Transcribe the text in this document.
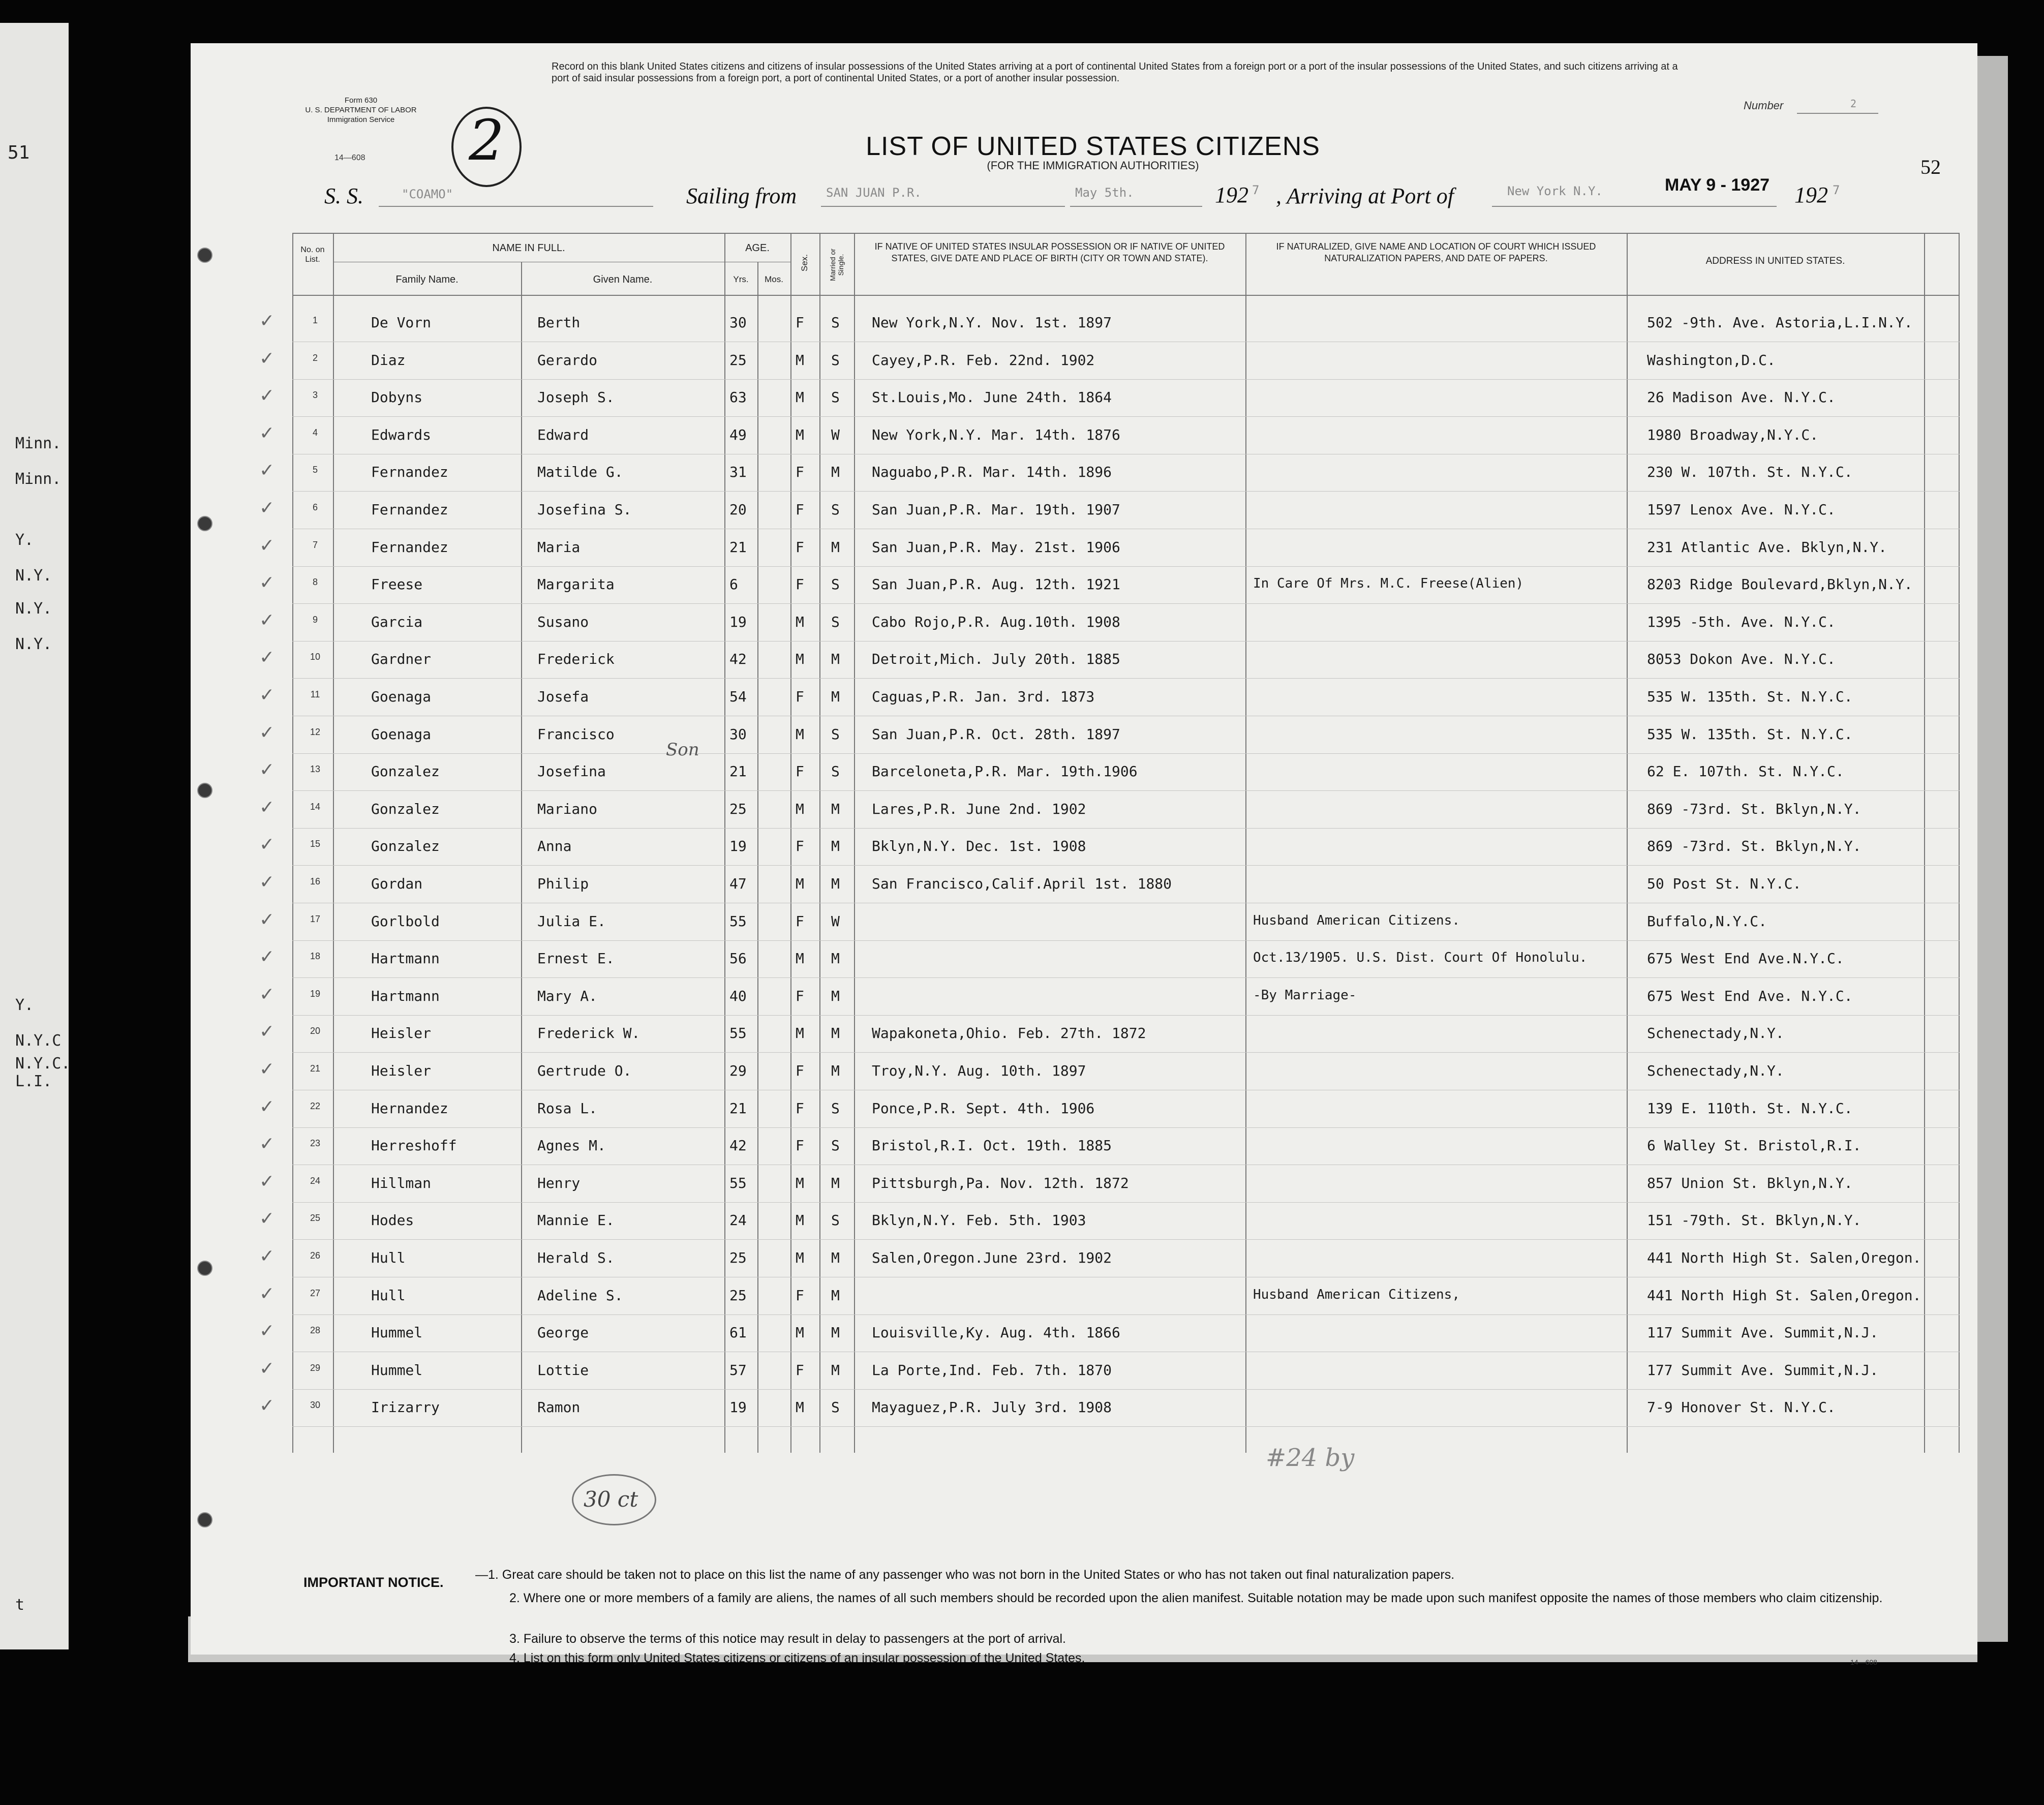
51
Minn.
Minn.
Y.
N.Y.
N.Y.
N.Y.
Y.
N.Y.C
N.Y.C.
L.I.
t
Form 630
U. S. DEPARTMENT OF LABOR
Immigration Service
14—608 2
Record on this blank United States citizens and citizens of insular possessions of the United States arriving at a port of continental United States from a foreign port or a port of the insular possessions of the United States, and such citizens arriving at a port of said insular possessions from a foreign port, a port of continental United States, or a port of another insular possession.
Number	2
LIST OF UNITED STATES CITIZENS
(FOR THE IMMIGRATION AUTHORITIES)	52
S. S.	"COAMO"	Sailing from SAN JUAN P.R.	May 5th.	192 7 , Arriving at Port of	New York N.Y.	MAY 9 - 1927 192 7
No. on List.
NAME IN FULL.
Family Name.	Given Name.
AGE.
Yrs.	Mos.
Sex.	Married or Single.
IF NATIVE OF UNITED STATES INSULAR POSSESSION OR IF NATIVE OF UNITED STATES, GIVE DATE AND PLACE OF BIRTH (CITY OR TOWN AND STATE).
IF NATURALIZED, GIVE NAME AND LOCATION OF COURT WHICH ISSUED NATURALIZATION PAPERS, AND DATE OF PAPERS.	ADDRESS IN UNITED STATES.
✓	1	De Vorn	Berth	30	F S New York,N.Y. Nov. 1st. 1897	502 -9th. Ave. Astoria,L.I.N.Y.
✓	2	Diaz	Gerardo	25	M S Cayey,P.R. Feb. 22nd. 1902	Washington,D.C.
✓	3	Dobyns	Joseph S.	63	M S St.Louis,Mo. June 24th. 1864	26 Madison Ave. N.Y.C.
✓	4	Edwards	Edward	49	M W New York,N.Y. Mar. 14th. 1876	1980 Broadway,N.Y.C.
✓	5	Fernandez	Matilde G.	31	F M Naguabo,P.R. Mar. 14th. 1896	230 W. 107th. St. N.Y.C.
✓	6	Fernandez	Josefina S.	20	F S San Juan,P.R. Mar. 19th. 1907	1597 Lenox Ave. N.Y.C.
✓	7	Fernandez	Maria	21	F M San Juan,P.R. May. 21st. 1906	231 Atlantic Ave. Bklyn,N.Y.
✓	8	Freese	Margarita	6	F S San Juan,P.R. Aug. 12th. 1921	In Care Of Mrs. M.C. Freese(Alien)	8203 Ridge Boulevard,Bklyn,N.Y.
✓	9	Garcia	Susano	19	M S Cabo Rojo,P.R. Aug.10th. 1908	1395 -5th. Ave. N.Y.C.
✓	10	Gardner	Frederick	42	M M Detroit,Mich. July 20th. 1885	8053 Dokon Ave. N.Y.C.
✓	11	Goenaga	Josefa	54	F M Caguas,P.R. Jan. 3rd. 1873	535 W. 135th. St. N.Y.C.
✓	12	Goenaga	Francisco	30	M S San Juan,P.R. Oct. 28th. 1897	535 W. 135th. St. N.Y.C.
✓	13	Gonzalez	Josefina	21	F S Barceloneta,P.R. Mar. 19th.1906	62 E. 107th. St. N.Y.C.
✓	14	Gonzalez	Mariano	25	M M Lares,P.R. June 2nd. 1902	869 -73rd. St. Bklyn,N.Y.
✓	15	Gonzalez	Anna	19	F M Bklyn,N.Y. Dec. 1st. 1908	869 -73rd. St. Bklyn,N.Y.
✓	16	Gordan	Philip	47	M M San Francisco,Calif.April 1st. 1880	50 Post St. N.Y.C.
✓	17	Gorlbold	Julia E.	55	F W	Husband American Citizens.	Buffalo,N.Y.C.
✓	18	Hartmann	Ernest E.	56	M M	Oct.13/1905. U.S. Dist. Court Of Honolulu.	675 West End Ave.N.Y.C.
✓	19	Hartmann	Mary A.	40	F M	-By Marriage-	675 West End Ave. N.Y.C.
✓	20	Heisler	Frederick W.	55	M M Wapakoneta,Ohio. Feb. 27th. 1872	Schenectady,N.Y.
✓	21	Heisler	Gertrude O.	29	F M Troy,N.Y. Aug. 10th. 1897	Schenectady,N.Y.
✓	22	Hernandez	Rosa L.	21	F S Ponce,P.R. Sept. 4th. 1906	139 E. 110th. St. N.Y.C.
✓	23	Herreshoff	Agnes M.	42	F S Bristol,R.I. Oct. 19th. 1885	6 Walley St. Bristol,R.I.
✓	24	Hillman	Henry	55	M M Pittsburgh,Pa. Nov. 12th. 1872	857 Union St. Bklyn,N.Y.
✓	25	Hodes	Mannie E.	24	M S Bklyn,N.Y. Feb. 5th. 1903	151 -79th. St. Bklyn,N.Y.
✓	26	Hull	Herald S.	25	M M Salen,Oregon.June 23rd. 1902	441 North High St. Salen,Oregon.
✓	27	Hull	Adeline S.	25	F M	Husband American Citizens,	441 North High St. Salen,Oregon.
✓	28	Hummel	George	61	M M Louisville,Ky. Aug. 4th. 1866	117 Summit Ave. Summit,N.J.
✓	29	Hummel	Lottie	57	F M La Porte,Ind. Feb. 7th. 1870	177 Summit Ave. Summit,N.J.
✓	30	Irizarry	Ramon	19	M S Mayaguez,P.R. July 3rd. 1908	7-9 Honover St. N.Y.C.
Son
30 ct
#24 by
IMPORTANT NOTICE.	—1. Great care should be taken not to place on this list the name of any passenger who was not born in the United States or who has not taken out final naturalization papers.
2. Where one or more members of a family are aliens, the names of all such members should be recorded upon the alien manifest. Suitable notation may be made upon such manifest opposite the names of those members who claim citizenship.
3. Failure to observe the terms of this notice may result in delay to passengers at the port of arrival.
4. List on this form only United States citizens or citizens of an insular possession of the United States.	14—608
